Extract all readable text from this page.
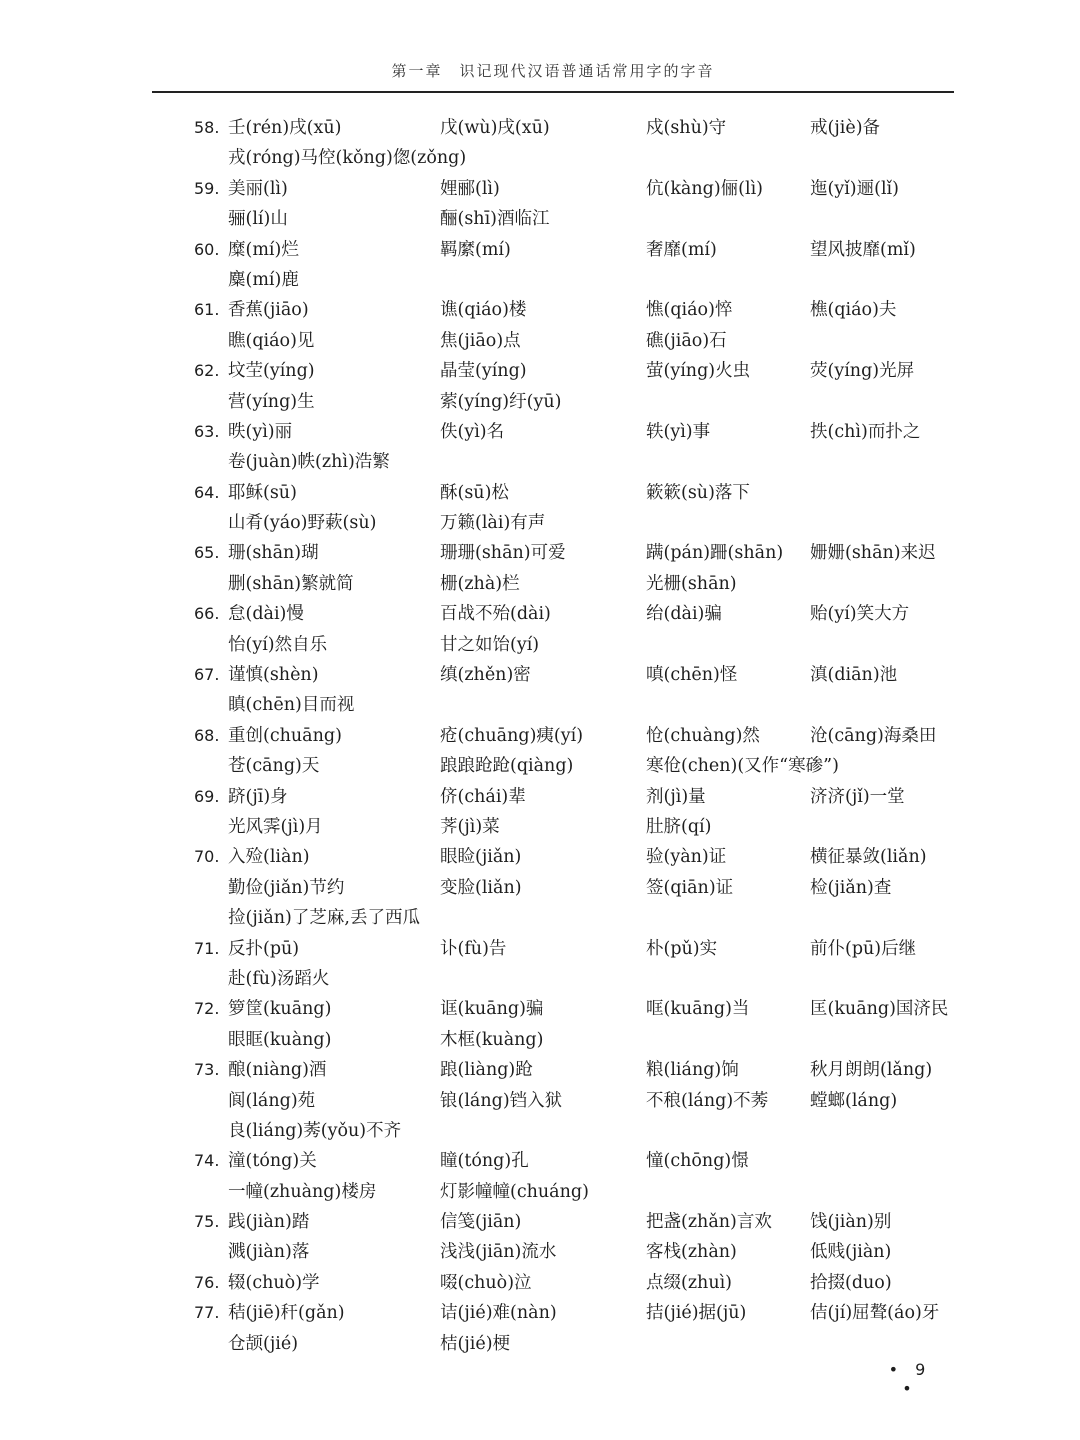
第一章　识记现代汉语普通话常用字的字音
58. 壬(rén)戌(xū)	戊(wù)戌(xū)	戍(shù)守	戒(jiè)备
戎(róng)马倥(kǒng)偬(zǒng)
59. 美丽(lì)	娌郦(lì)	伉(kàng)俪(lì)	迤(yǐ)逦(lǐ)
骊(lí)山	酾(shī)酒临江
60. 糜(mí)烂	羁縻(mí)	奢靡(mí)	望风披靡(mǐ)
麋(mí)鹿
61. 香蕉(jiāo)	谯(qiáo)楼	憔(qiáo)悴	樵(qiáo)夫
瞧(qiáo)见	焦(jiāo)点	礁(jiāo)石
62. 坟茔(yíng)	晶莹(yíng)	萤(yíng)火虫	荧(yíng)光屏
营(yíng)生	萦(yíng)纡(yū)
63. 昳(yì)丽	佚(yì)名	轶(yì)事	抶(chì)而扑之
卷(juàn)帙(zhì)浩繁
64. 耶稣(sū)	酥(sū)松	簌簌(sù)落下
山肴(yáo)野蔌(sù)	万籁(lài)有声
65. 珊(shān)瑚	珊珊(shān)可爱	蹒(pán)跚(shān)	姗姗(shān)来迟
删(shān)繁就简	栅(zhà)栏	光栅(shān)
66. 怠(dài)慢	百战不殆(dài)	绐(dài)骗	贻(yí)笑大方
怡(yí)然自乐	甘之如饴(yí)
67. 谨慎(shèn)	缜(zhěn)密	嗔(chēn)怪	滇(diān)池
瞋(chēn)目而视
68. 重创(chuāng)	疮(chuāng)痍(yí)	怆(chuàng)然	沧(cāng)海桑田
苍(cāng)天	踉踉跄跄(qiàng)	寒伧(chen)(又作“寒碜”)
69. 跻(jī)身	侪(chái)辈	剂(jì)量	济济(jǐ)一堂
光风霁(jì)月	荠(jì)菜	肚脐(qí)
70. 入殓(liàn)	眼睑(jiǎn)	验(yàn)证	横征暴敛(liǎn)
勤俭(jiǎn)节约	变脸(liǎn)	签(qiān)证	检(jiǎn)查
捡(jiǎn)了芝麻,丢了西瓜
71. 反扑(pū)	讣(fù)告	朴(pǔ)实	前仆(pū)后继
赴(fù)汤蹈火
72. 箩筐(kuāng)	诓(kuāng)骗	哐(kuāng)当	匡(kuāng)国济民
眼眶(kuàng)	木框(kuàng)
73. 酿(niàng)酒	踉(liàng)跄	粮(liáng)饷	秋月朗朗(lǎng)
阆(láng)苑	锒(láng)铛入狱	不稂(láng)不莠	螳螂(láng)
良(liáng)莠(yǒu)不齐
74. 潼(tóng)关	瞳(tóng)孔	憧(chōng)憬
一幢(zhuàng)楼房	灯影幢幢(chuáng)
75. 践(jiàn)踏	信笺(jiān)	把盏(zhǎn)言欢	饯(jiàn)别
溅(jiàn)落	浅浅(jiān)流水	客栈(zhàn)	低贱(jiàn)
76. 辍(chuò)学	啜(chuò)泣	点缀(zhuì)	拾掇(duo)
77. 秸(jiē)秆(gǎn)	诘(jié)难(nàn)	拮(jié)据(jū)	佶(jí)屈聱(áo)牙
仓颉(jié)	桔(jié)梗
• 9 •
